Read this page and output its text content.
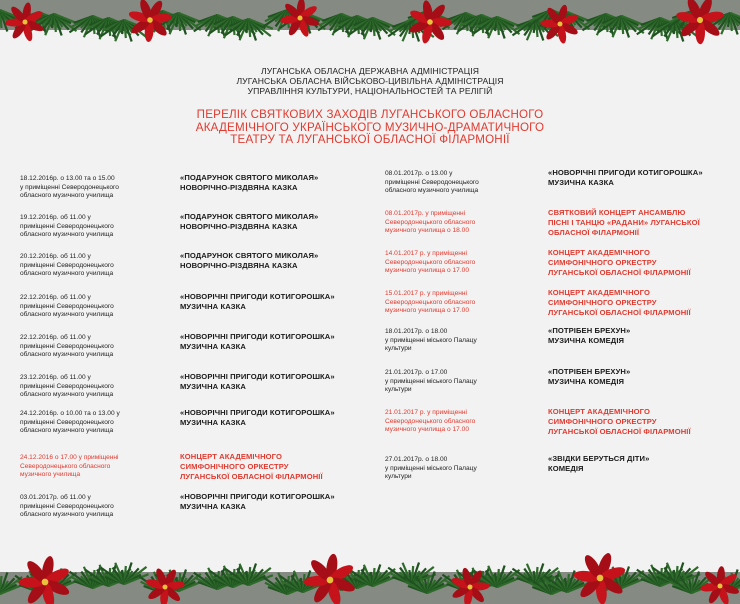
ЛУГАНСЬКА ОБЛАСНА ДЕРЖАВНА АДМІНІСТРАЦІЯ
ЛУГАНСЬКА ОБЛАСНА ВІЙСЬКОВО-ЦИВІЛЬНА АДМІНІСТРАЦІЯ
УПРАВЛІННЯ КУЛЬТУРИ, НАЦІОНАЛЬНОСТЕЙ ТА РЕЛІГІЙ
ПЕРЕЛІК СВЯТКОВИХ ЗАХОДІВ ЛУГАНСЬКОГО ОБЛАСНОГО
АКАДЕМІЧНОГО УКРАЇНСЬКОГО МУЗИЧНО-ДРАМАТИЧНОГО
ТЕАТРУ ТА ЛУГАНСЬКОЇ ОБЛАСНОЇ ФІЛАРМОНІЇ
18.12.2016р. о 13.00 та о 15.00
у приміщенні Северодонецького
обласного музичного училища
«ПОДАРУНОК СВЯТОГО МИКОЛАЯ»
НОВОРІЧНО-РІЗДВЯНА КАЗКА
19.12.2016р. об 11.00 у
приміщенні Северодонецького
обласного музичного училища
«ПОДАРУНОК СВЯТОГО МИКОЛАЯ»
НОВОРІЧНО-РІЗДВЯНА КАЗКА
20.12.2016р. об 11.00 у
приміщенні Северодонецького
обласного музичного училища
«ПОДАРУНОК СВЯТОГО МИКОЛАЯ»
НОВОРІЧНО-РІЗДВЯНА КАЗКА
22.12.2016р. об 11.00 у
приміщенні Северодонецького
обласного музичного училища
«НОВОРІЧНІ ПРИГОДИ КОТИГОРОШКА»
МУЗИЧНА КАЗКА
22.12.2016р. об 11.00 у
приміщенні Северодонецького
обласного музичного училища
«НОВОРІЧНІ ПРИГОДИ КОТИГОРОШКА»
МУЗИЧНА КАЗКА
23.12.2016р. об 11.00 у
приміщенні Северодонецького
обласного музичного училища
«НОВОРІЧНІ ПРИГОДИ КОТИГОРОШКА»
МУЗИЧНА КАЗКА
24.12.2016р. о 10.00 та о 13.00 у
приміщенні Северодонецького
обласного музичного училища
«НОВОРІЧНІ ПРИГОДИ КОТИГОРОШКА»
МУЗИЧНА КАЗКА
24.12.2016 о 17.00 у приміщенні
Северодонецького обласного
музичного училища
КОНЦЕРТ АКАДЕМІЧНОГО
СИМФОНІЧНОГО ОРКЕСТРУ
ЛУГАНСЬКОЇ ОБЛАСНОЇ ФІЛАРМОНІЇ
03.01.2017р. об 11.00 у
приміщенні Северодонецького
обласного музичного училища
«НОВОРІЧНІ ПРИГОДИ КОТИГОРОШКА»
МУЗИЧНА КАЗКА
08.01.2017р. о 13.00 у
приміщенні Северодонецького
обласного музичного училища
«НОВОРІЧНІ ПРИГОДИ КОТИГОРОШКА»
МУЗИЧНА КАЗКА
08.01.2017р. у приміщенні
Северодонецького обласного
музичного училища о 18.00
СВЯТКОВИЙ КОНЦЕРТ АНСАМБЛЮ
ПІСНІ І ТАНЦЮ «РАДАНИ» ЛУГАНСЬКОЇ
ОБЛАСНОЇ ФІЛАРМОНІЇ
14.01.2017 р. у приміщенні
Северодонецького обласного
музичного училища о 17.00
КОНЦЕРТ АКАДЕМІЧНОГО
СИМФОНІЧНОГО ОРКЕСТРУ
ЛУГАНСЬКОЇ ОБЛАСНОЇ ФІЛАРМОНІЇ
15.01.2017 р. у приміщенні
Северодонецького обласного
музичного училища о 17.00
КОНЦЕРТ АКАДЕМІЧНОГО
СИМФОНІЧНОГО ОРКЕСТРУ
ЛУГАНСЬКОЇ ОБЛАСНОЇ ФІЛАРМОНІЇ
18.01.2017р. о 18.00
у приміщенні міського Палацу
культури
«ПОТРІБЕН БРЕХУН»
МУЗИЧНА КОМЕДІЯ
21.01.2017р. о 17.00
у приміщенні міського Палацу
культури
«ПОТРІБЕН БРЕХУН»
МУЗИЧНА КОМЕДІЯ
21.01.2017 р. у приміщенні
Северодонецького обласного
музичного училища о 17.00
КОНЦЕРТ АКАДЕМІЧНОГО
СИМФОНІЧНОГО ОРКЕСТРУ
ЛУГАНСЬКОЇ ОБЛАСНОЇ ФІЛАРМОНІЇ
27.01.2017р. о 18.00
у приміщенні міського Палацу
культури
«ЗВІДКИ БЕРУТЬСЯ ДІТИ»
КОМЕДІЯ
